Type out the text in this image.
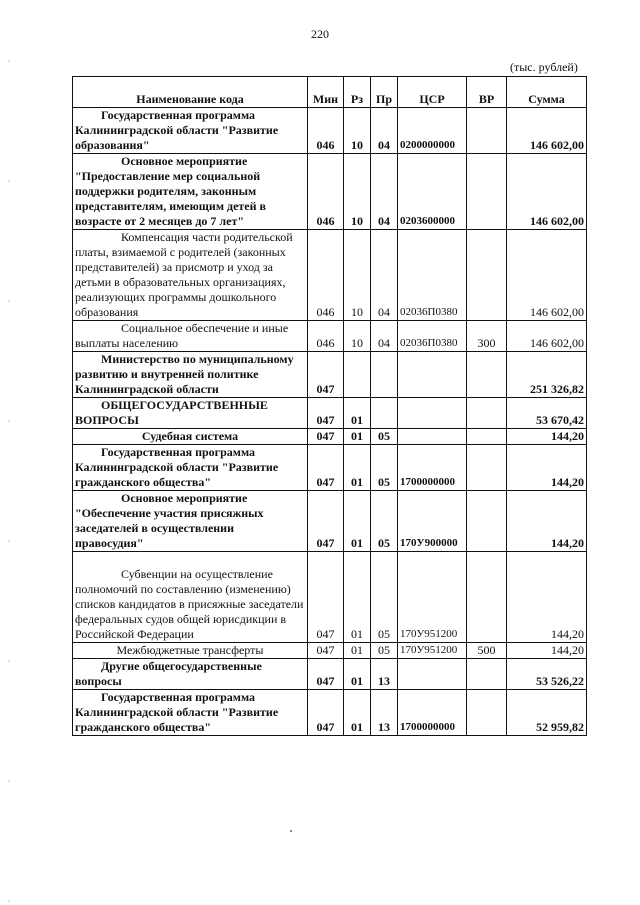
220
(тыс. рублей)
Наименование кода	Мин	Рз	Пр	ЦСР	ВР	Сумма
Государственная программа Калининградской области "Развитие образования"	046	10	04	0200000000		146 602,00
Основное мероприятие "Предоставление мер социальной поддержки родителям, законным представителям, имеющим детей в возрасте от 2 месяцев до 7 лет"	046	10	04	0203600000		146 602,00
Компенсация части родительской платы, взимаемой с родителей (законных представителей) за присмотр и уход за детьми в образовательных организациях, реализующих программы дошкольного образования	046	10	04	02036П0380		146 602,00
Социальное обеспечение и иные выплаты населению	046	10	04	02036П0380	300	146 602,00
Министерство по муниципальному развитию и внутренней политике Калининградской области	047					251 326,82
ОБЩЕГОСУДАРСТВЕННЫЕ ВОПРОСЫ	047	01				53 670,42
Судебная система	047	01	05			144,20
Государственная программа Калининградской области "Развитие гражданского общества"	047	01	05	1700000000		144,20
Основное мероприятие "Обеспечение участия присяжных заседателей в осуществлении правосудия"	047	01	05	170У900000		144,20
Субвенции на осуществление полномочий по составлению (изменению) списков кандидатов в присяжные заседатели федеральных судов общей юрисдикции в Российской Федерации	047	01	05	170У951200		144,20
Межбюджетные трансферты	047	01	05	170У951200	500	144,20
Другие общегосударственные вопросы	047	01	13			53 526,22
Государственная программа Калининградской области "Развитие гражданского общества"	047	01	13	1700000000		52 959,82
